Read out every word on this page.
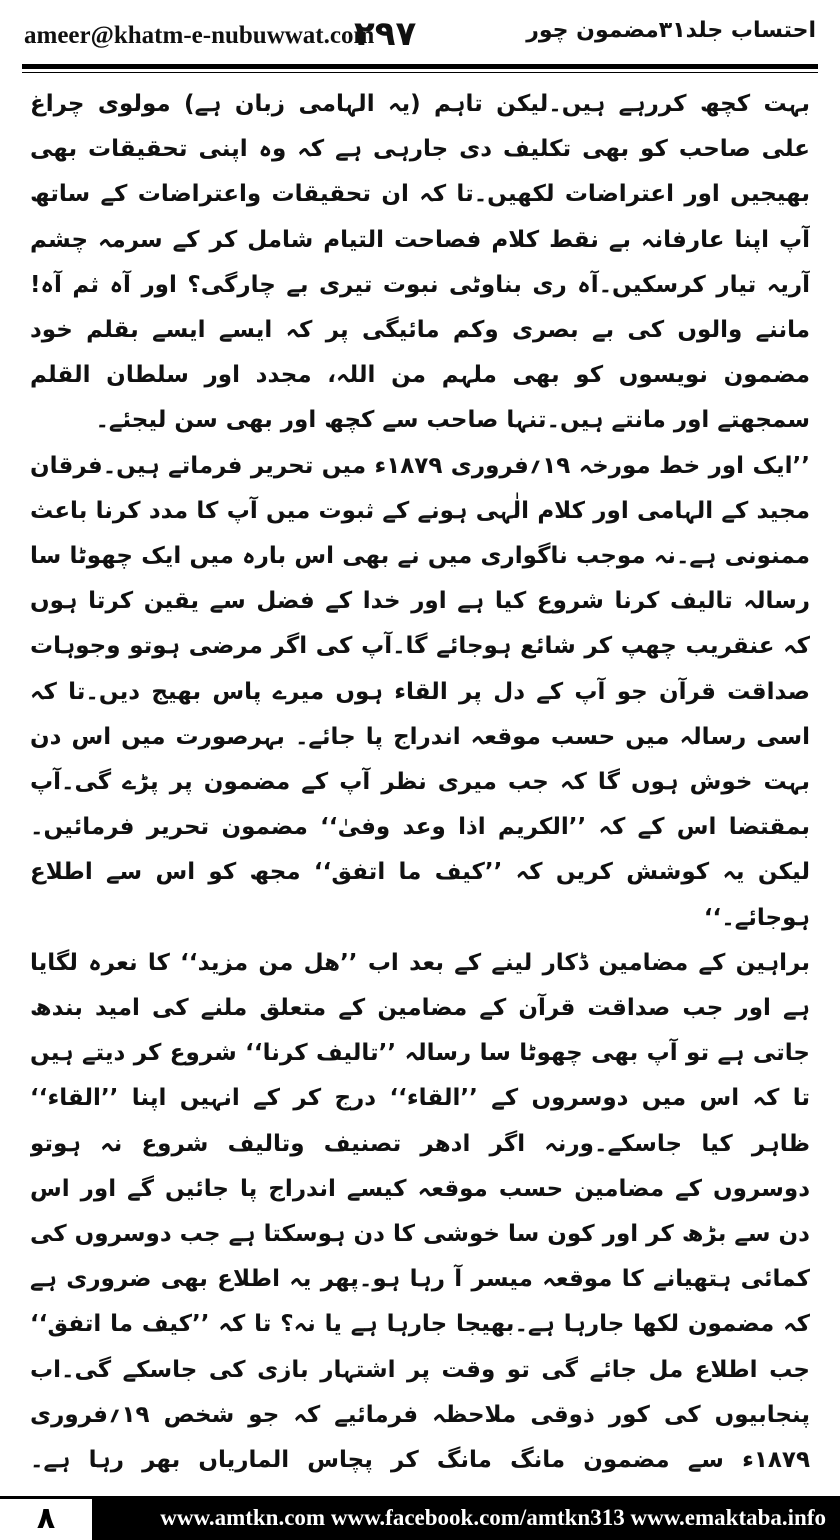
ameer@khatm-e-nubuwwat.com
۲۹۷	احتساب جلد۳۱مضمون چور

بہت کچھ کررہے ہیں۔لیکن تاہم (یہ الہامی زبان ہے) مولوی چراغ علی صاحب کو بھی تکلیف دی جارہی ہے کہ وہ اپنی تحقیقات بھی بھیجیں اور اعتراضات لکھیں۔تا کہ ان تحقیقات واعتراضات کے ساتھ آپ اپنا عارفانہ بے نقط کلام فصاحت التیام شامل کر کے سرمہ چشم آریہ تیار کرسکیں۔آہ ری بناوٹی نبوت تیری بے چارگی؟ اور آہ ثم آہ! ماننے والوں کی بے بصری وکم مائیگی پر کہ ایسے ایسے بقلم خود مضمون نویسوں کو بھی ملہم من اللہ، مجدد اور سلطان القلم سمجھتے اور مانتے ہیں۔تنہا صاحب سے کچھ اور بھی سن لیجئے۔

’’ایک اور خط مورخہ ۱۹؍فروری ۱۸۷۹ء میں تحریر فرماتے ہیں۔فرقان مجید کے الہامی اور کلام الٰہی ہونے کے ثبوت میں آپ کا مدد کرنا باعث ممنونی ہے۔نہ موجب ناگواری میں نے بھی اس بارہ میں ایک چھوٹا سا رسالہ تالیف کرنا شروع کیا ہے اور خدا کے فضل سے یقین کرتا ہوں کہ عنقریب چھپ کر شائع ہوجائے گا۔آپ کی اگر مرضی ہوتو وجوہات صداقت قرآن جو آپ کے دل پر القاء ہوں میرے پاس بھیج دیں۔تا کہ اسی رسالہ میں حسب موقعہ اندراج پا جائے۔ بہرصورت میں اس دن بہت خوش ہوں گا کہ جب میری نظر آپ کے مضمون پر پڑے گی۔آپ بمقتضا اس کے کہ ’’الکریم اذا وعد وفیٰ‘‘ مضمون تحریر فرمائیں۔لیکن یہ کوشش کریں کہ ’’کیف ما اتفق‘‘ مجھ کو اس سے اطلاع ہوجائے۔‘‘

براہین کے مضامین ڈکار لینے کے بعد اب ’’ھل من مزید‘‘ کا نعرہ لگایا ہے اور جب صداقت قرآن کے مضامین کے متعلق ملنے کی امید بندھ جاتی ہے تو آپ بھی چھوٹا سا رسالہ ’’تالیف کرنا‘‘ شروع کر دیتے ہیں تا کہ اس میں دوسروں کے ’’القاء‘‘ درج کر کے انہیں اپنا ’’القاء‘‘ ظاہر کیا جاسکے۔ورنہ اگر ادھر تصنیف وتالیف شروع نہ ہوتو دوسروں کے مضامین حسب موقعہ کیسے اندراج پا جائیں گے اور اس دن سے بڑھ کر اور کون سا خوشی کا دن ہوسکتا ہے جب دوسروں کی کمائی ہتھیانے کا موقعہ میسر آ رہا ہو۔پھر یہ اطلاع بھی ضروری ہے کہ مضمون لکھا جارہا ہے۔بھیجا جارہا ہے یا نہ؟ تا کہ ’’کیف ما اتفق‘‘ جب اطلاع مل جائے گی تو وقت پر اشتہار بازی کی جاسکے گی۔اب پنجابیوں کی کور ذوقی ملاحظہ فرمائیے کہ جو شخص ۱۹؍فروری ۱۸۷۹ء سے مضمون مانگ مانگ کر پچاس الماریاں بھر رہا ہے۔

۸	www.amtkn.com www.facebook.com/amtkn313 www.emaktaba.info
